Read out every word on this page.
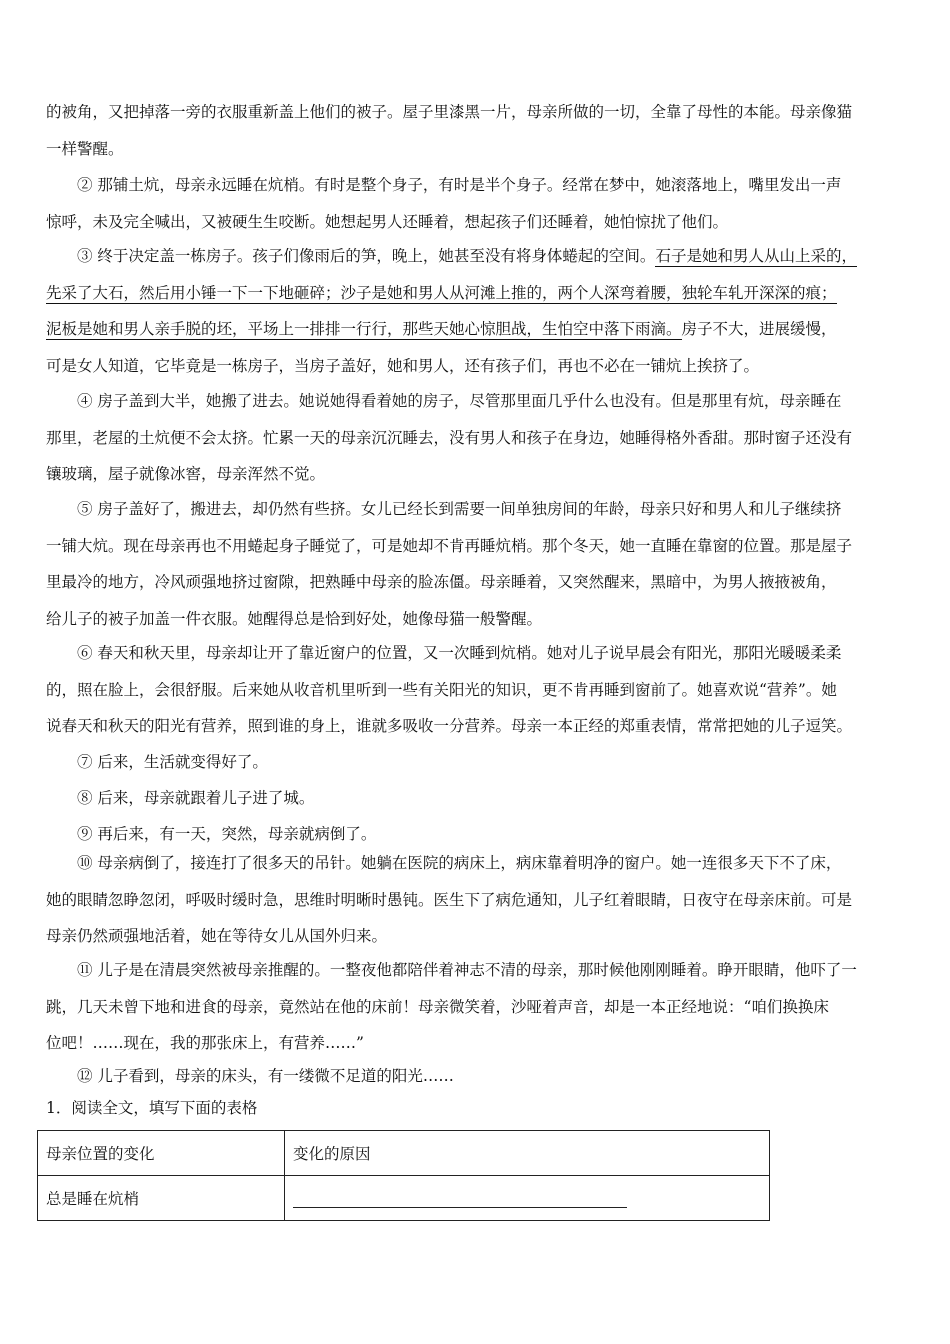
的被角，又把掉落一旁的衣服重新盖上他们的被子。屋子里漆黑一片，母亲所做的一切，全靠了母性的本能。母亲像猫
一样警醒。
② 那铺土炕，母亲永远睡在炕梢。有时是整个身子，有时是半个身子。经常在梦中，她滚落地上，嘴里发出一声
惊呼，未及完全喊出，又被硬生生咬断。她想起男人还睡着，想起孩子们还睡着，她怕惊扰了他们。
③ 终于决定盖一栋房子。孩子们像雨后的笋，晚上，她甚至没有将身体蜷起的空间。石子是她和男人从山上采的，
先采了大石，然后用小锤一下一下地砸碎；沙子是她和男人从河滩上推的，两个人深弯着腰，独轮车轧开深深的痕；
泥板是她和男人亲手脱的坯，平场上一排排一行行，那些天她心惊胆战，生怕空中落下雨滴。房子不大，进展缓慢，
可是女人知道，它毕竟是一栋房子，当房子盖好，她和男人，还有孩子们，再也不必在一铺炕上挨挤了。
④ 房子盖到大半，她搬了进去。她说她得看着她的房子，尽管那里面几乎什么也没有。但是那里有炕，母亲睡在
那里，老屋的土炕便不会太挤。忙累一天的母亲沉沉睡去，没有男人和孩子在身边，她睡得格外香甜。那时窗子还没有
镶玻璃，屋子就像冰窖，母亲浑然不觉。
⑤ 房子盖好了，搬进去，却仍然有些挤。女儿已经长到需要一间单独房间的年龄，母亲只好和男人和儿子继续挤
一铺大炕。现在母亲再也不用蜷起身子睡觉了，可是她却不肯再睡炕梢。那个冬天，她一直睡在靠窗的位置。那是屋子
里最冷的地方，冷风顽强地挤过窗隙，把熟睡中母亲的脸冻僵。母亲睡着，又突然醒来，黑暗中，为男人掖掖被角，
给儿子的被子加盖一件衣服。她醒得总是恰到好处，她像母猫一般警醒。
⑥ 春天和秋天里，母亲却让开了靠近窗户的位置，又一次睡到炕梢。她对儿子说早晨会有阳光，那阳光暖暖柔柔
的，照在脸上，会很舒服。后来她从收音机里听到一些有关阳光的知识，更不肯再睡到窗前了。她喜欢说“营养”。她
说春天和秋天的阳光有营养，照到谁的身上，谁就多吸收一分营养。母亲一本正经的郑重表情，常常把她的儿子逗笑。
⑦ 后来，生活就变得好了。
⑧ 后来，母亲就跟着儿子进了城。
⑨ 再后来，有一天，突然，母亲就病倒了。
⑩ 母亲病倒了，接连打了很多天的吊针。她躺在医院的病床上，病床靠着明净的窗户。她一连很多天下不了床，
她的眼睛忽睁忽闭，呼吸时缓时急，思维时明晰时愚钝。医生下了病危通知，儿子红着眼睛，日夜守在母亲床前。可是
母亲仍然顽强地活着，她在等待女儿从国外归来。
⑪ 儿子是在清晨突然被母亲推醒的。一整夜他都陪伴着神志不清的母亲，那时候他刚刚睡着。睁开眼睛，他吓了一
跳，几天未曾下地和进食的母亲，竟然站在他的床前！母亲微笑着，沙哑着声音，却是一本正经地说：“咱们换换床
位吧！……现在，我的那张床上，有营养……”
⑫ 儿子看到，母亲的床头，有一缕微不足道的阳光……
1．阅读全文，填写下面的表格
母亲位置的变化	变化的原因
总是睡在炕梢	
